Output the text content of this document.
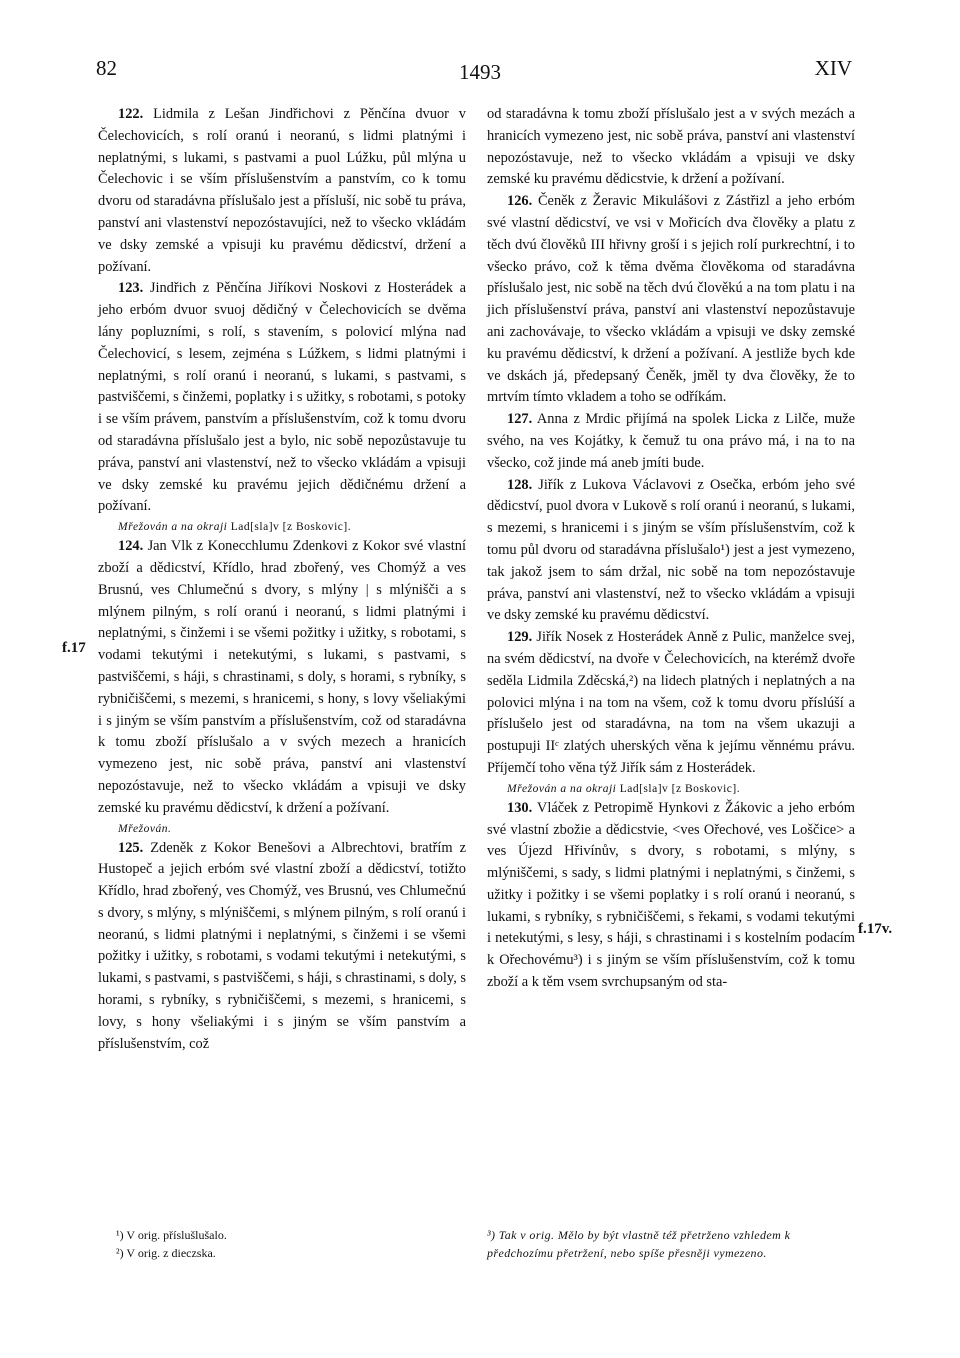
82	1493	XIV
f.17
f.17v.

122. Lidmila z Lešan Jindřichovi z Pěnčína dvuor v Čelechovicích, s rolí oranú i neoranú, s lidmi platnými i neplatnými, s lukami, s pastvami a puol Lúžku, půl mlýna u Čelechovic i se vším příslušenstvím a panstvím, co k tomu dvoru od staradávna příslušalo jest a přísluší, nic sobě tu práva, panství ani vlastenství nepozóstavujíci, než to všecko vkládám ve dsky zemské a vpisuji ku pravému dědicství, držení a požívaní.

123. Jindřich z Pěnčína Jiříkovi Noskovi z Hosterádek a jeho erbóm dvuor svuoj dědičný v Čelechovicích se dvěma lány popluzními, s rolí, s stavením, s polovicí mlýna nad Čelechovicí, s lesem, zejména s Lúžkem, s lidmi platnými i neplatnými, s rolí oranú i neoranú, s lukami, s pastvami, s pastviščemi, s činžemi, poplatky i s užitky, s robotami, s potoky i se vším právem, panstvím a příslušenstvím, což k tomu dvoru od staradávna příslušalo jest a bylo, nic sobě nepozůstavuje tu práva, panství ani vlastenství, než to všecko vkládám a vpisuji ve dsky zemské ku pravému jejich dědičnému držení a požívaní.
Mřežován a na okraji Lad[sla]v [z Boskovic].

124. Jan Vlk z Konecchlumu Zdenkovi z Kokor své vlastní zboží a dědicství, Křídlo, hrad zbořený, ves Chomýž a ves Brusnú, ves Chlumečnú s dvory, s mlýny | s mlýnišči a s mlýnem pilným, s rolí oranú i neoranú, s lidmi platnými i neplatnými, s činžemi i se všemi požitky i užitky, s robotami, s vodami tekutými i netekutými, s lukami, s pastvami, s pastviščemi, s háji, s chrastinami, s doly, s horami, s rybníky, s rybničiščemi, s mezemi, s hranicemi, s hony, s lovy všeliakými i s jiným se vším panstvím a příslušenstvím, což od staradávna k tomu zboží příslušalo a v svých mezech a hranicích vymezeno jest, nic sobě práva, panství ani vlastenství nepozóstavuje, než to všecko vkládám a vpisuji ve dsky zemské ku pravému dědicství, k držení a požívaní.
Mřežován.

125. Zdeněk z Kokor Benešovi a Albrechtovi, bratřím z Hustopeč a jejich erbóm své vlastní zboží a dědicství, totižto Křídlo, hrad zbořený, ves Chomýž, ves Brusnú, ves Chlumečnú s dvory, s mlýny, s mlýniščemi, s mlýnem pilným, s rolí oranú i neoranú, s lidmi platnými i neplatnými, s činžemi i se všemi požitky i užitky, s robotami, s vodami tekutými i netekutými, s lukami, s pastvami, s pastviščemi, s háji, s chrastinami, s doly, s horami, s rybníky, s rybničiščemi, s mezemi, s hranicemi, s lovy, s hony všeliakými i s jiným se vším panstvím a příslušenstvím, což

od staradávna k tomu zboží příslušalo jest a v svých mezách a hranicích vymezeno jest, nic sobě práva, panství ani vlastenství nepozóstavuje, než to všecko vkládám a vpisuji ve dsky zemské ku pravému dědicstvie, k držení a požívaní.

126. Čeněk z Žeravic Mikulášovi z Zástřizl a jeho erbóm své vlastní dědicství, ve vsi v Mořicích dva člověky a platu z těch dvú člověků III hřivny groší i s jejich rolí purkrechtní, i to všecko právo, což k těma dvěma člověkoma od staradávna příslušalo jest, nic sobě na těch dvú člověkú a na tom platu i na jich příslušenství práva, panství ani vlastenství nepozůstavuje ani zachovávaje, to všecko vkládám a vpisuji ve dsky zemské ku pravému dědicství, k držení a požívaní. A jestliže bych kde ve dskách já, předepsaný Čeněk, jměl ty dva člověky, že to mrtvím tímto vkladem a toho se odříkám.

127. Anna z Mrdic přijímá na spolek Licka z Lilče, muže svého, na ves Kojátky, k čemuž tu ona právo má, i na to na všecko, což jinde má aneb jmíti bude.

128. Jiřík z Lukova Václavovi z Osečka, erbóm jeho své dědicství, puol dvora v Lukově s rolí oranú i neoranú, s lukami, s mezemi, s hranicemi i s jiným se vším příslušenstvím, což k tomu půl dvoru od staradávna příslušalo¹) jest a jest vymezeno, tak jakož jsem to sám držal, nic sobě na tom nepozóstavuje práva, panství ani vlastenství, než to všecko vkládám a vpisuji ve dsky zemské ku pravému dědicství.

129. Jiřík Nosek z Hosterádek Anně z Pulic, manželce svej, na svém dědicství, na dvoře v Čelechovicích, na kterémž dvoře seděla Lidmila Zděcská,²) na lidech platných i neplatných a na polovici mlýna i na tom na všem, což k tomu dvoru příslúší a příslušelo jest od staradávna, na tom na všem ukazuji a postupuji IIᶜ zlatých uherských věna k jejímu věnnému právu. Příjemčí toho věna týž Jiřík sám z Hosterádek.
Mřežován a na okraji Lad[sla]v [z Boskovic].

130. Vláček z Petropimě Hynkovi z Žákovic a jeho erbóm své vlastní zbožie a dědicstvie, <ves Ořechové, ves Loščice> a ves Újezd Hřivínův, s dvory, s robotami, s mlýny, s mlýniščemi, s sady, s lidmi platnými i neplatnými, s činžemi, s užitky i požitky i se všemi poplatky i s rolí oranú i neoranú, s lukami, s rybníky, s rybničiščemi, s řekami, s vodami tekutými i netekutými, s lesy, s háji, s chrastinami i s kostelním podacím k Ořechovému³) i s jiným se vším příslušenstvím, což k tomu zboží a k těm vsem svrchupsaným od sta-

¹) V orig. příslušlušalo.

²) V orig. z dieczska.

³) Tak v orig. Mělo by být vlastně též přetrženo vzhledem k předchozímu přetržení, nebo spíše přesněji vymezeno.
